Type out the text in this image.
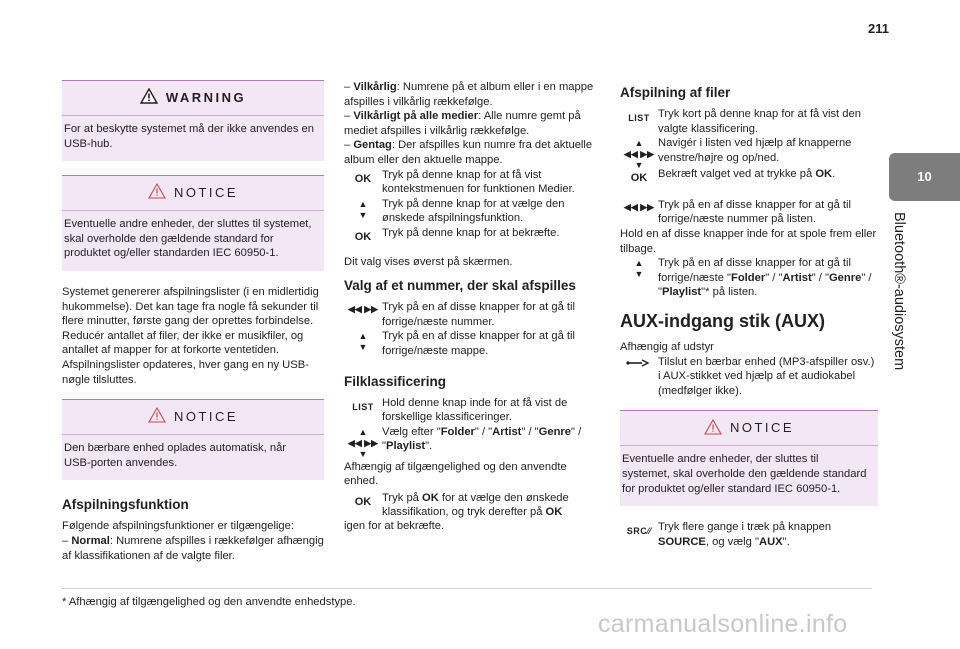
211
10
Bluetooth®-audiosystem
WARNING
For at beskytte systemet må der ikke anvendes en USB-hub.
NOTICE
Eventuelle andre enheder, der sluttes til systemet, skal overholde den gældende standard for produktet og/eller standarden IEC 60950-1.

Systemet genererer afspilningslister (i en midlertidig hukommelse). Det kan tage fra nogle få sekunder til flere minutter, første gang der oprettes forbindelse.
Reducér antallet af filer, der ikke er musikfiler, og antallet af mapper for at forkorte ventetiden.
Afspilningslister opdateres, hver gang en ny USB-nøgle tilsluttes.

NOTICE
Den bærbare enhed oplades automatisk, når USB-porten anvendes.
Afspilningsfunktion

Følgende afspilningsfunktioner er tilgængelige:
– Normal: Numrene afspilles i rækkefølger afhængig af klassifikationen af de valgte filer.

– Vilkårlig: Numrene på et album eller i en mappe afspilles i vilkårlig rækkefølge.
– Vilkårligt på alle medier: Alle numre gemt på mediet afspilles i vilkårlig rækkefølge.
– Gentag: Der afspilles kun numre fra det aktuelle album eller den aktuelle mappe.

OK Tryk på denne knap for at få vist kontekstmenuen for funktionen Medier.
▲
▼
Tryk på denne knap for at vælge den ønskede afspilningsfunktion.
OK Tryk på denne knap for at bekræfte.

Dit valg vises øverst på skærmen.

Valg af et nummer, der skal afspilles
◀◀ ▶▶ Tryk på en af disse knapper for at gå til forrige/næste nummer.
▲
▼
Tryk på en af disse knapper for at gå til forrige/næste mappe.
Filklassificering
LIST Hold denne knap inde for at få vist de forskellige klassificeringer.
▲
◀◀ ▶▶
▼
Vælg efter "Folder" / "Artist" / "Genre" / "Playlist".

Afhængig af tilgængelighed og den anvendte enhed.

OK Tryk på OK for at vælge den ønskede klassifikation, og tryk derefter på OK
igen for at bekræfte.
Afspilning af filer
LIST Tryk kort på denne knap for at få vist den valgte klassificering.
▲
◀◀ ▶▶
▼
Navigér i listen ved hjælp af knapperne venstre/højre og op/ned.
OK Bekræft valget ved at trykke på OK.
◀◀ ▶▶ Tryk på en af disse knapper for at gå til forrige/næste nummer på listen.
Hold en af disse knapper inde for at spole frem eller tilbage.
▲
▼
Tryk på en af disse knapper for at gå til forrige/næste "Folder" / "Artist" / "Genre" / "Playlist"* på listen.
AUX-indgang stik (AUX)
Afhængig af udstyr
Tilslut en bærbar enhed (MP3-afspiller osv.) i AUX-stikket ved hjælp af et audiokabel (medfølger ikke).
NOTICE
Eventuelle andre enheder, der sluttes til systemet, skal overholde den gældende standard for produktet og/eller standard IEC 60950-1.
SRC⁄⁄ Tryk flere gange i træk på knappen SOURCE, og vælg "AUX".
* Afhængig af tilgængelighed og den anvendte enhedstype.
carmanualsonline.info
